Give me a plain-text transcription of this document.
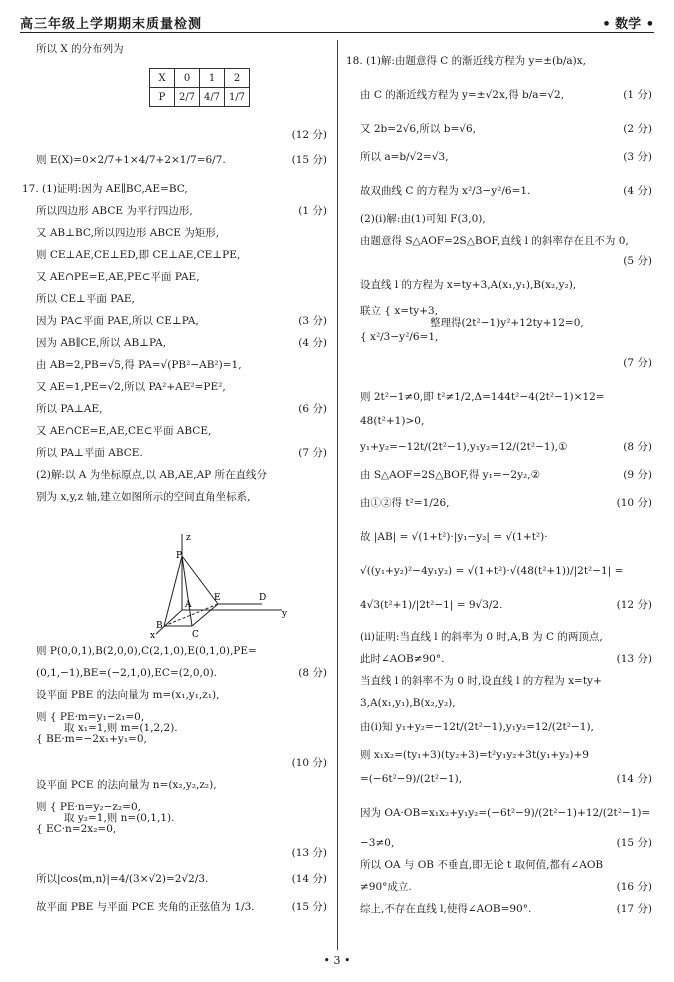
高三年级上学期期末质量检测	• 数学 •
X	0	1	2
P	2/7	4/7	1/7
P
z
A
E	D
y
B
C
x
所以 X 的分布列为
(12 分)
则 E(X)=0×2/7+1×4/7+2×1/7=6/7.	(15 分)
17. (1)证明:因为 AE∥BC,AE=BC,
所以四边形 ABCE 为平行四边形,	(1 分)
又 AB⊥BC,所以四边形 ABCE 为矩形,
则 CE⊥AE,CE⊥ED,即 CE⊥AE,CE⊥PE,
又 AE∩PE=E,AE,PE⊂平面 PAE,
所以 CE⊥平面 PAE,
因为 PA⊂平面 PAE,所以 CE⊥PA,	(3 分)
因为 AB∥CE,所以 AB⊥PA,	(4 分)
由 AB=2,PB=√5,得 PA=√(PB²−AB²)=1,
又 AE=1,PE=√2,所以 PA²+AE²=PE²,
所以 PA⊥AE,	(6 分)
又 AE∩CE=E,AE,CE⊂平面 ABCE,
所以 PA⊥平面 ABCE.	(7 分)
(2)解:以 A 为坐标原点,以 AB,AE,AP 所在直线分
别为 x,y,z 轴,建立如图所示的空间直角坐标系,
则 P(0,0,1),B(2,0,0),C(2,1,0),E(0,1,0),PE=
(0,1,−1),BE=(−2,1,0),EC=(2,0,0).	(8 分)
设平面 PBE 的法向量为 m=(x₁,y₁,z₁),
则 { PE·m=y₁−z₁=0,
取 x₁=1,则 m=(1,2,2).
{ BE·m=−2x₁+y₁=0,
(10 分)
设平面 PCE 的法向量为 n=(x₂,y₂,z₂),
则 { PE·n=y₂−z₂=0,
取 y₂=1,则 n=(0,1,1).
{ EC·n=2x₂=0,
(13 分)
所以|cos⟨m,n⟩|=4/(3×√2)=2√2/3.	(14 分)
故平面 PBE 与平面 PCE 夹角的正弦值为 1/3.	(15 分)
18. (1)解:由题意得 C 的渐近线方程为 y=±(b/a)x,
由 C 的渐近线方程为 y=±√2x,得 b/a=√2,	(1 分)
又 2b=2√6,所以 b=√6,	(2 分)
所以 a=b/√2=√3,	(3 分)
故双曲线 C 的方程为 x²/3−y²/6=1.	(4 分)
(2)(i)解:由(1)可知 F(3,0),
由题意得 S△AOF=2S△BOF,直线 l 的斜率存在且不为 0,
(5 分)
设直线 l 的方程为 x=ty+3,A(x₁,y₁),B(x₂,y₂),
联立 { x=ty+3,
整理得(2t²−1)y²+12ty+12=0,
{ x²/3−y²/6=1,
(7 分)
则 2t²−1≠0,即 t²≠1/2,Δ=144t²−4(2t²−1)×12=
48(t²+1)>0,
y₁+y₂=−12t/(2t²−1),y₁y₂=12/(2t²−1),①	(8 分)
由 S△AOF=2S△BOF,得 y₁=−2y₂,②	(9 分)
由①②得 t²=1/26,	(10 分)
故 |AB| = √(1+t²)·|y₁−y₂| = √(1+t²)·
√((y₁+y₂)²−4y₁y₂) = √(1+t²)·√(48(t²+1))/|2t²−1| =
4√3(t²+1)/|2t²−1| = 9√3/2.	(12 分)
(ii)证明:当直线 l 的斜率为 0 时,A,B 为 C 的两顶点,
此时∠AOB≠90°.	(13 分)
当直线 l 的斜率不为 0 时,设直线 l 的方程为 x=ty+
3,A(x₁,y₁),B(x₂,y₂),
由(i)知 y₁+y₂=−12t/(2t²−1),y₁y₂=12/(2t²−1),
则 x₁x₂=(ty₁+3)(ty₂+3)=t²y₁y₂+3t(y₁+y₂)+9
=(−6t²−9)/(2t²−1),	(14 分)
因为 OA·OB=x₁x₂+y₁y₂=(−6t²−9)/(2t²−1)+12/(2t²−1)=
−3≠0,	(15 分)
所以 OA 与 OB 不垂直,即无论 t 取何值,都有∠AOB
≠90°成立.	(16 分)
综上,不存在直线 l,使得∠AOB=90°.	(17 分)
• 3 •
